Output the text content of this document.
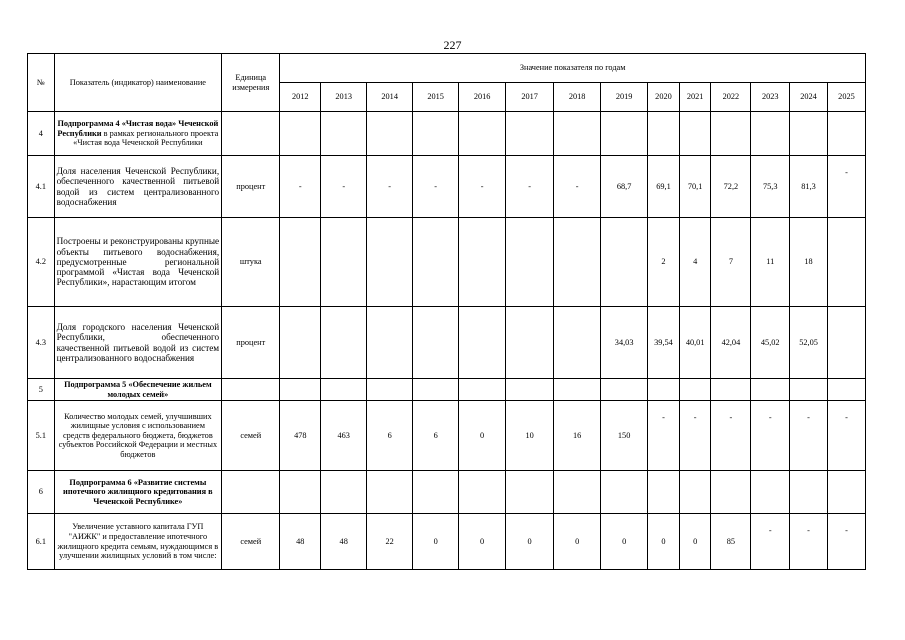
227
№	Показатель (индикатор) наименование	Единица измерения	Значение показателя по годам													
			2012	2013	2014	2015	2016	2017	2018	2019	2020	2021	2022	2023	2024	2025
4	Подпрограмма 4 «Чистая вода» Чеченской Республики в рамках регионального проекта «Чистая вода Чеченской Республики															
4.1	Доля населения Чеченской Республики, обеспеченного качественной питьевой водой из систем централизованного водоснабжения	процент	-	-	-	-	-	-	-	68,7	69,1	70,1	72,2	75,3	81,3	-
4.2	Построены и реконструированы крупные объекты питьевого водоснабжения, предусмотренные региональной программой «Чистая вода Чеченской Республики», нарастающим итогом	штука									2	4	7	11	18	
4.3	Доля городского населения Чеченской Республики, обеспеченного качественной питьевой водой из систем централизованного водоснабжения	процент								34,03	39,54	40,01	42,04	45,02	52,05	
5	Подпрограмма 5 «Обеспечение жильем молодых семей»															
5.1	Количество молодых семей, улучшивших жилищные условия с использованием средств федерального бюджета, бюджетов субъектов Российской Федерации и местных бюджетов	семей	478	463	6	6	0	10	16	150	-	-	-	-	-	-
6	Подпрограмма 6 «Развитие системы ипотечного жилищного кредитования в Чеченской Республике»															
6.1	Увеличение уставного капитала ГУП "АИЖК" и предоставление ипотечного жилищного кредита семьям, нуждающимся в улучшении жилищных условий в том числе:	семей	48	48	22	0	0	0	0	0	0	0	85	-	-	-
